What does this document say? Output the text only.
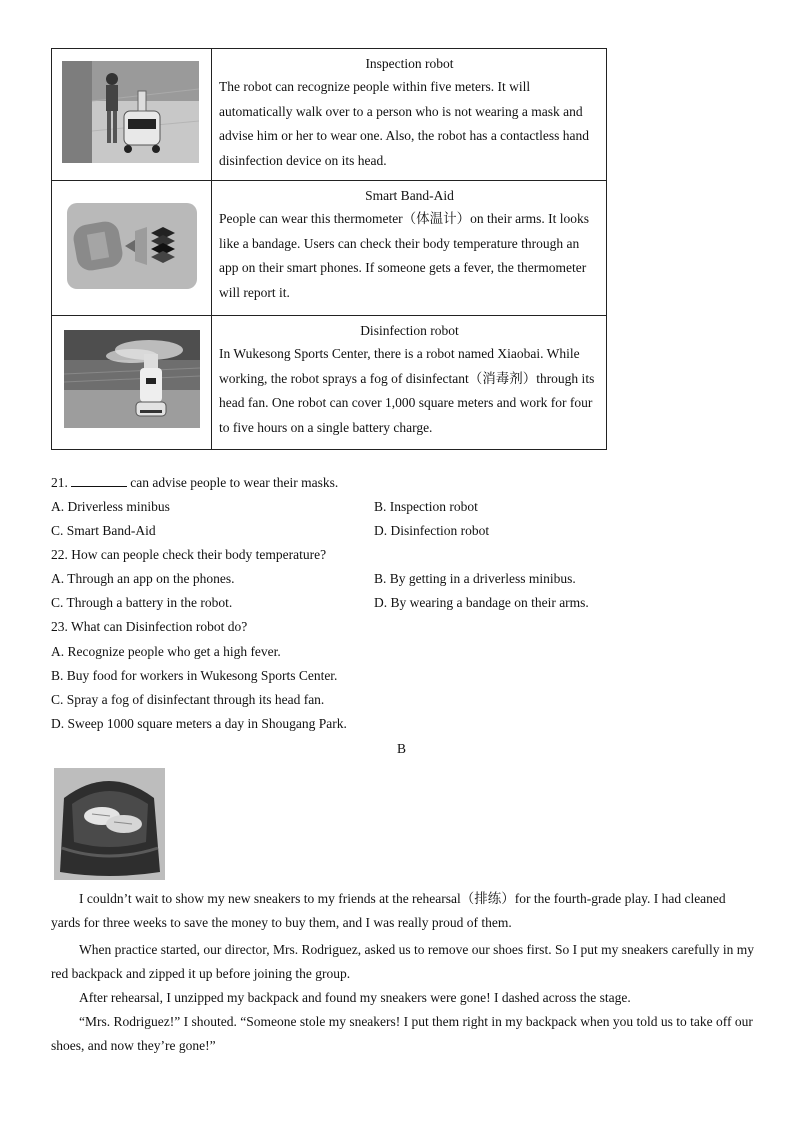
Inspection robot
The robot can recognize people within five meters. It will automatically walk over to a person who is not wearing a mask and advise him or her to wear one. Also, the robot has a contactless hand disinfection device on its head.

Smart Band-Aid
People can wear this thermometer（体温计）on their arms. It looks like a bandage. Users can check their body temperature through an app on their smart phones. If someone gets a fever, the thermometer will report it.

Disinfection robot
In Wukesong Sports Center, there is a robot named Xiaobai. While working, the robot sprays a fog of disinfectant（消毒剂）through its head fan. One robot can cover 1,000 square meters and work for four to five hours on a single battery charge.
21.	can advise people to wear their masks.
A. Driverless minibus	B. Inspection robot
C. Smart Band-Aid	D. Disinfection robot
22. How can people check their body temperature?
A. Through an app on the phones.	B. By getting in a driverless minibus.
C. Through a battery in the robot.	D. By wearing a bandage on their arms.
23. What can Disinfection robot do?
A. Recognize people who get a high fever.
B. Buy food for workers in Wukesong Sports Center.
C. Spray a fog of disinfectant through its head fan.
D. Sweep 1000 square meters a day in Shougang Park.
B
I couldn’t wait to show my new sneakers to my friends at the rehearsal（排练）for the fourth-grade play. I had cleaned yards for three weeks to save the money to buy them, and I was really proud of them.
When practice started, our director, Mrs. Rodriguez, asked us to remove our shoes first. So I put my sneakers carefully in my red backpack and zipped it up before joining the group.
After rehearsal, I unzipped my backpack and found my sneakers were gone! I dashed across the stage.
“Mrs. Rodriguez!” I shouted. “Someone stole my sneakers! I put them right in my backpack when you told us to take off our shoes, and now they’re gone!”
